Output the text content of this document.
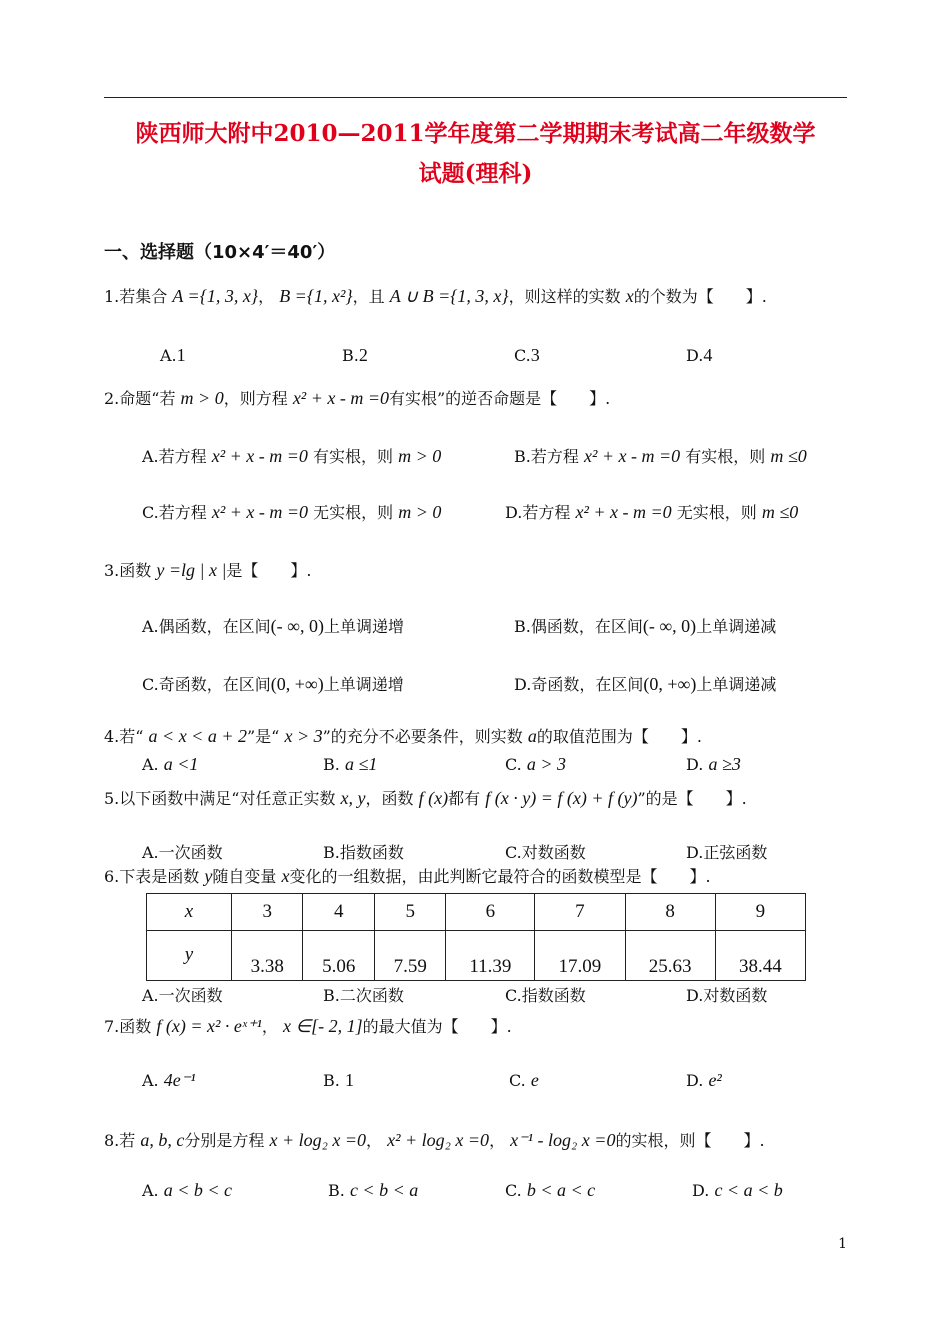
陕西师大附中2010—2011学年度第二学期期末考试高二年级数学
试题(理科)
一、选择题（10×4′＝40′）
1.若集合 A ={1, 3, x}， B ={1, x²}，且 A ∪ B ={1, 3, x}，则这样的实数 x的个数为【　　】.
A.1	B.2	C.3	D.4
2.命题“若 m > 0，则方程 x² + x - m =0有实根”的逆否命题是【　　】.
A.若方程 x² + x - m =0 有实根，则 m > 0	B.若方程 x² + x - m =0 有实根，则 m ≤0
C.若方程 x² + x - m =0 无实根，则 m > 0	D.若方程 x² + x - m =0 无实根，则 m ≤0
3.函数 y =lg | x |是【　　】.
A.偶函数，在区间(- ∞, 0)上单调递增	B.偶函数，在区间(- ∞, 0)上单调递减
C.奇函数，在区间(0, +∞)上单调递增	D.奇函数，在区间(0, +∞)上单调递减
4.若“ a < x < a + 2”是“ x > 3”的充分不必要条件，则实数 a的取值范围为【　　】.
A. a <1	B. a ≤1	C. a > 3	D. a ≥3
5.以下函数中满足“对任意正实数 x, y，函数 f (x)都有 f (x · y) = f (x) + f (y)”的是【　　】.
A.一次函数	B.指数函数	C.对数函数	D.正弦函数
6.下表是函数 y随自变量 x变化的一组数据，由此判断它最符合的函数模型是【　　】.
x	3	4	5	6	7	8	9
y	3.38	5.06	7.59	11.39	17.09	25.63	38.44
A.一次函数	B.二次函数	C.指数函数	D.对数函数
7.函数 f (x) = x² · eˣ⁺¹， x ∈[- 2, 1]的最大值为【　　】.
A. 4e⁻¹	B. 1	C. e	D. e²
8.若 a, b, c分别是方程 x + log₂ x =0， x² + log₂ x =0， x⁻¹ - log₂ x =0的实根，则【　　】.
A. a < b < c	B. c < b < a	C. b < a < c	D. c < a < b
1
